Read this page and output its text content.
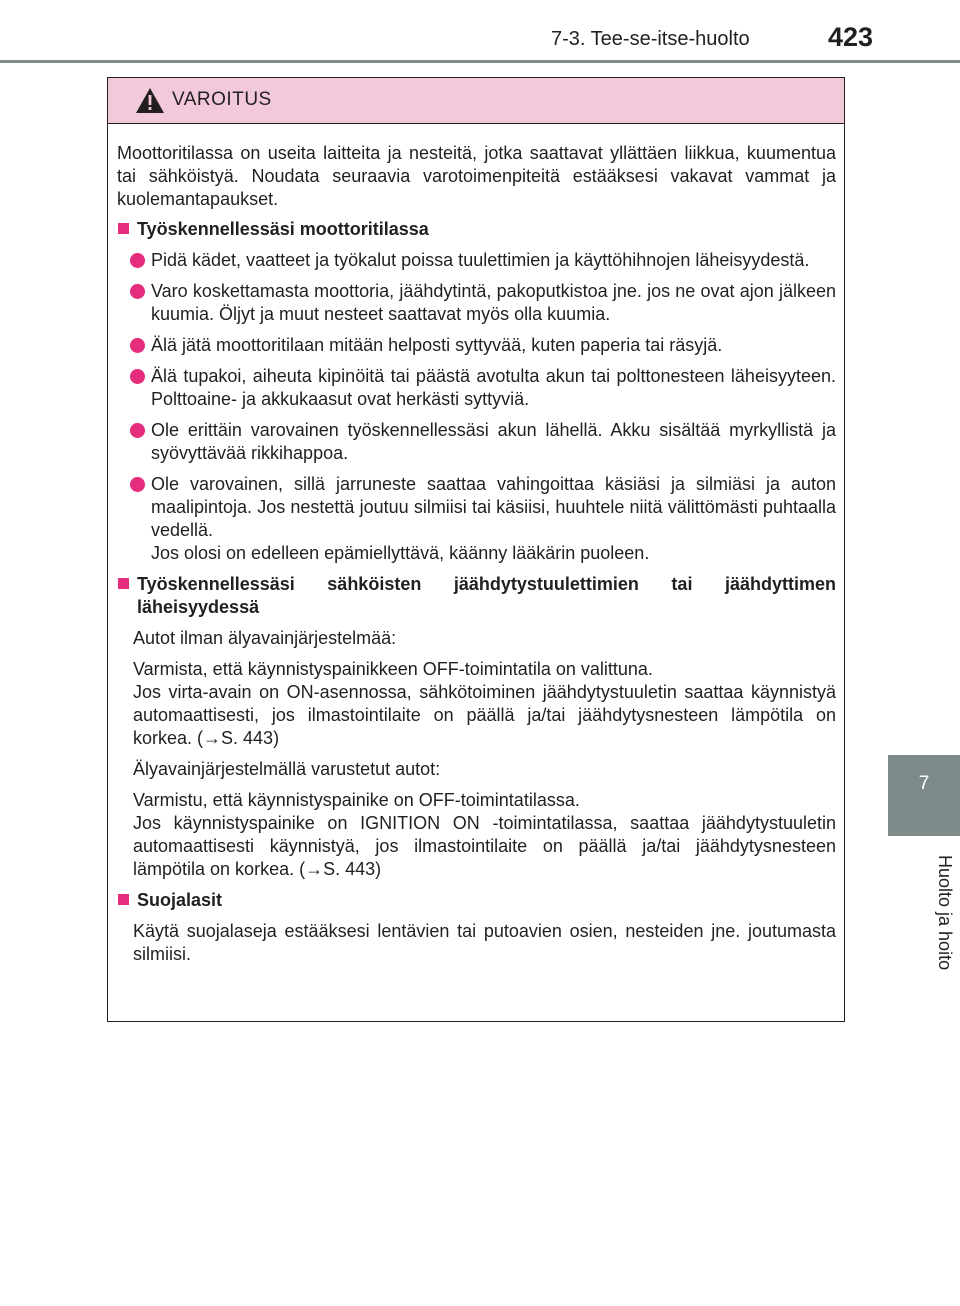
7-3. Tee-se-itse-huolto	423
7
Huolto ja hoito
VAROITUS
Moottoritilassa on useita laitteita ja nesteitä, jotka saattavat yllättäen liikkua, kuumentua tai sähköistyä. Noudata seuraavia varotoimenpiteitä estääksesi vakavat vammat ja kuolemantapaukset.
Työskennellessäsi moottoritilassa
Pidä kädet, vaatteet ja työkalut poissa tuulettimien ja käyttöhihnojen läheisyydestä.
Varo koskettamasta moottoria, jäähdytintä, pakoputkistoa jne. jos ne ovat ajon jälkeen kuumia. Öljyt ja muut nesteet saattavat myös olla kuumia.
Älä jätä moottoritilaan mitään helposti syttyvää, kuten paperia tai räsyjä.
Älä tupakoi, aiheuta kipinöitä tai päästä avotulta akun tai polttonesteen läheisyyteen. Polttoaine- ja akkukaasut ovat herkästi syttyviä.
Ole erittäin varovainen työskennellessäsi akun lähellä. Akku sisältää myrkyllistä ja syövyttävää rikkihappoa.
Ole varovainen, sillä jarruneste saattaa vahingoittaa käsiäsi ja silmiäsi ja auton maalipintoja. Jos nestettä joutuu silmiisi tai käsiisi, huuhtele niitä välittömästi puhtaalla vedellä.
Jos olosi on edelleen epämiellyttävä, käänny lääkärin puoleen.
Työskennellessäsi sähköisten jäähdytystuulettimien tai jäähdyttimen läheisyydessä
Autot ilman älyavainjärjestelmää:
Varmista, että käynnistyspainikkeen OFF-toimintatila on valittuna.
Jos virta-avain on ON-asennossa, sähkötoiminen jäähdytystuuletin saattaa käynnistyä automaattisesti, jos ilmastointilaite on päällä ja/tai jäähdytysnesteen lämpötila on korkea. (→S. 443)
Älyavainjärjestelmällä varustetut autot:
Varmistu, että käynnistyspainike on OFF-toimintatilassa.
Jos käynnistyspainike on IGNITION ON -toimintatilassa, saattaa jäähdytystuuletin automaattisesti käynnistyä, jos ilmastointilaite on päällä ja/tai jäähdytysnesteen lämpötila on korkea. (→S. 443)
Suojalasit
Käytä suojalaseja estääksesi lentävien tai putoavien osien, nesteiden jne. joutumasta silmiisi.
